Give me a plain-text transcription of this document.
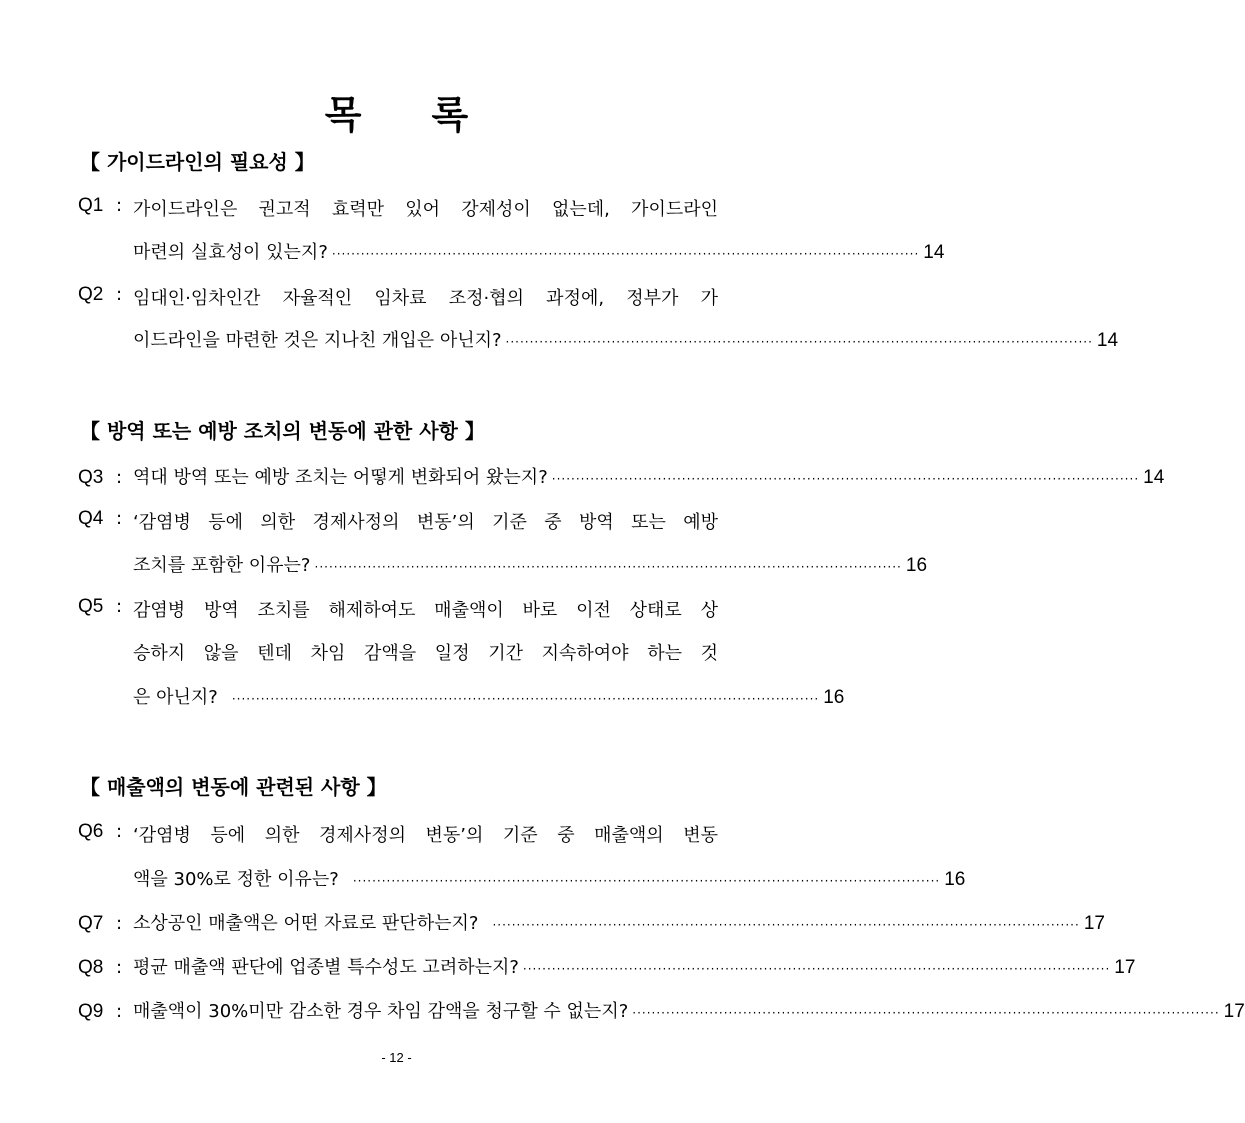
목 록
【 가이드라인의 필요성 】
Q1 : 가이드라인은 권고적 효력만 있어 강제성이 없는데, 가이드라인
마련의 실효성이 있는지? ·························································································································· 14
Q2 : 임대인·임차인간 자율적인 임차료 조정·협의 과정에, 정부가 가
이드라인을 마련한 것은 지나친 개입은 아닌지? ·························································································································· 14
【 방역 또는 예방 조치의 변동에 관한 사항 】
Q3 : 역대 방역 또는 예방 조치는 어떻게 변화되어 왔는지? ·························································································································· 14
Q4 : ‘감염병 등에 의한 경제사정의 변동’의 기준 중 방역 또는 예방
조치를 포함한 이유는? ·························································································································· 16
Q5 : 감염병 방역 조치를 해제하여도 매출액이 바로 이전 상태로 상
승하지 않을 텐데 차임 감액을 일정 기간 지속하여야 하는 것
은 아닌지? ·························································································································· 16
【 매출액의 변동에 관련된 사항 】
Q6 : ‘감염병 등에 의한 경제사정의 변동’의 기준 중 매출액의 변동
액을 30%로 정한 이유는? ·························································································································· 16
Q7 : 소상공인 매출액은 어떤 자료로 판단하는지? ·························································································································· 17
Q8 : 평균 매출액 판단에 업종별 특수성도 고려하는지? ·························································································································· 17
Q9 : 매출액이 30%미만 감소한 경우 차임 감액을 청구할 수 없는지? ·························································································································· 17
- 12 -
